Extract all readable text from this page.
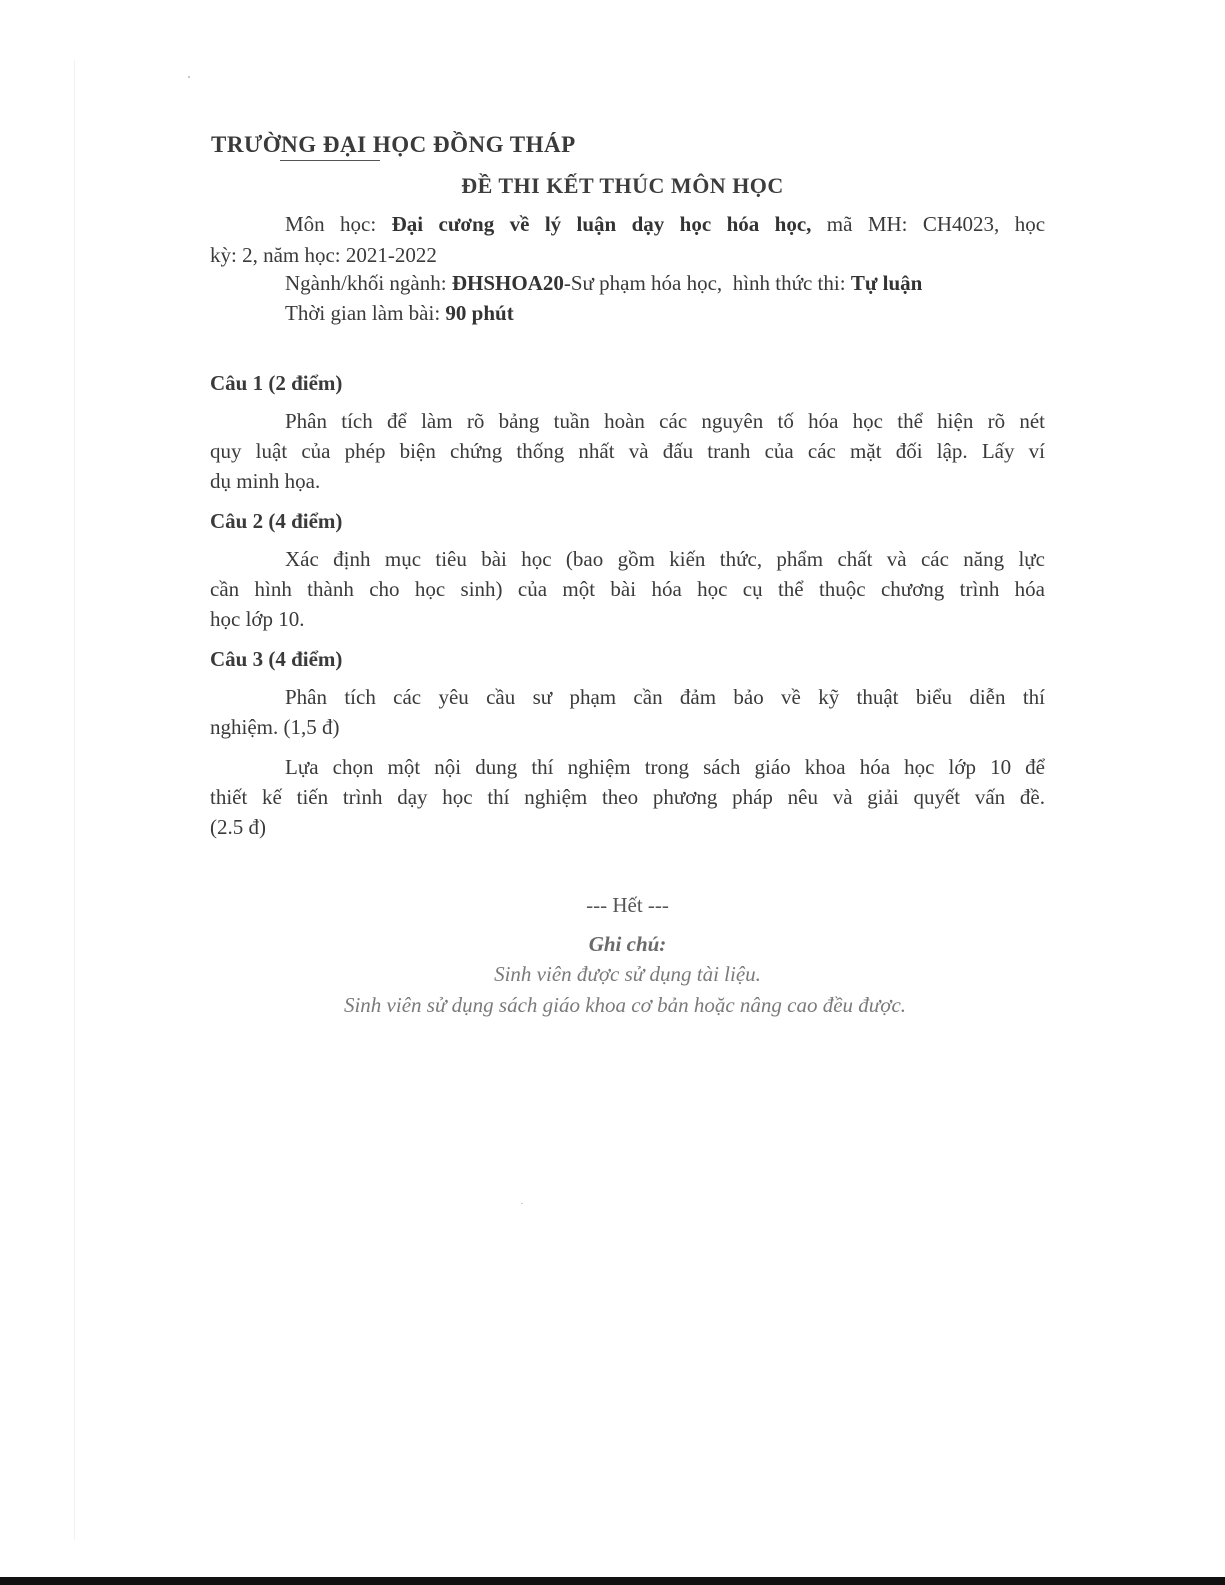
TRƯỜNG ĐẠI HỌC ĐỒNG THÁP
ĐỀ THI KẾT THÚC MÔN HỌC
Môn học: Đại cương về lý luận dạy học hóa học, mã MH: CH4023, học
kỳ: 2, năm học: 2021-2022
Ngành/khối ngành: ĐHSHOA20-Sư phạm hóa học, hình thức thi: Tự luận
Thời gian làm bài: 90 phút
Câu 1 (2 điểm)
Phân tích để làm rõ bảng tuần hoàn các nguyên tố hóa học thể hiện rõ nét
quy luật của phép biện chứng thống nhất và đấu tranh của các mặt đối lập. Lấy ví
dụ minh họa.
Câu 2 (4 điểm)
Xác định mục tiêu bài học (bao gồm kiến thức, phẩm chất và các năng lực
cần hình thành cho học sinh) của một bài hóa học cụ thể thuộc chương trình hóa
học lớp 10.
Câu 3 (4 điểm)
Phân tích các yêu cầu sư phạm cần đảm bảo về kỹ thuật biểu diễn thí
nghiệm. (1,5 đ)
Lựa chọn một nội dung thí nghiệm trong sách giáo khoa hóa học lớp 10 để
thiết kế tiến trình dạy học thí nghiệm theo phương pháp nêu và giải quyết vấn đề.
(2.5 đ)
--- Hết ---
Ghi chú:
Sinh viên được sử dụng tài liệu.
Sinh viên sử dụng sách giáo khoa cơ bản hoặc nâng cao đều được.
